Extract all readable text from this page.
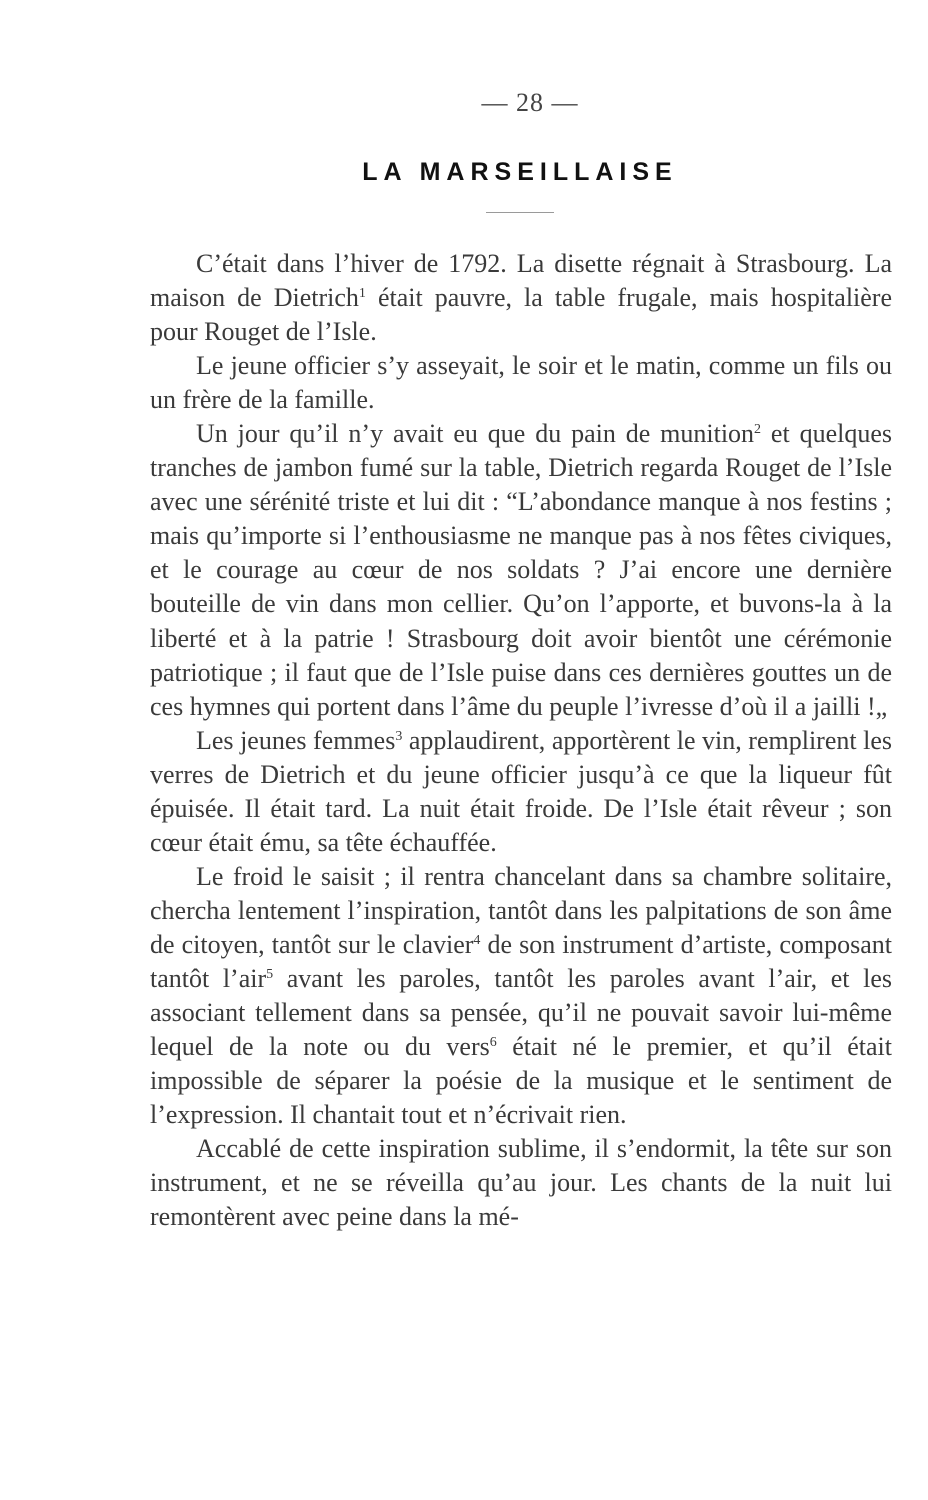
— 28 —
LA MARSEILLAISE

C’était dans l’hiver de 1792. La disette régnait à Strasbourg. La maison de Dietrich$^1$ était pauvre, la table frugale, mais hospitalière pour Rouget de l’Isle.

Le jeune officier s’y asseyait, le soir et le matin, comme un fils ou un frère de la famille.

Un jour qu’il n’y avait eu que du pain de munition$^2$ et quelques tranches de jambon fumé sur la table, Dietrich regarda Rouget de l’Isle avec une sérénité triste et lui dit : “L’abondance manque à nos festins ; mais qu’importe si l’enthousiasme ne manque pas à nos fêtes civiques, et le courage au cœur de nos soldats ? J’ai encore une dernière bouteille de vin dans mon cellier. Qu’on l’apporte, et buvons-la à la liberté et à la patrie ! Strasbourg doit avoir bientôt une cérémonie patriotique ; il faut que de l’Isle puise dans ces dernières gouttes un de ces hymnes qui portent dans l’âme du peuple l’ivresse d’où il a jailli !„

Les jeunes femmes$^3$ applaudirent, apportèrent le vin, remplirent les verres de Dietrich et du jeune officier jusqu’à ce que la liqueur fût épuisée. Il était tard. La nuit était froide. De l’Isle était rêveur ; son cœur était ému, sa tête échauffée.

Le froid le saisit ; il rentra chancelant dans sa chambre solitaire, chercha lentement l’inspiration, tantôt dans les palpitations de son âme de citoyen, tantôt sur le clavier$^4$ de son instrument d’artiste, composant tantôt l’air$^5$ avant les paroles, tantôt les paroles avant l’air, et les associant tellement dans sa pensée, qu’il ne pouvait savoir lui-même lequel de la note ou du vers$^6$ était né le premier, et qu’il était impossible de séparer la poésie de la musique et le sentiment de l’expression. Il chantait tout et n’écrivait rien.

Accablé de cette inspiration sublime, il s’endormit, la tête sur son instrument, et ne se réveilla qu’au jour. Les chants de la nuit lui remontèrent avec peine dans la mé-
